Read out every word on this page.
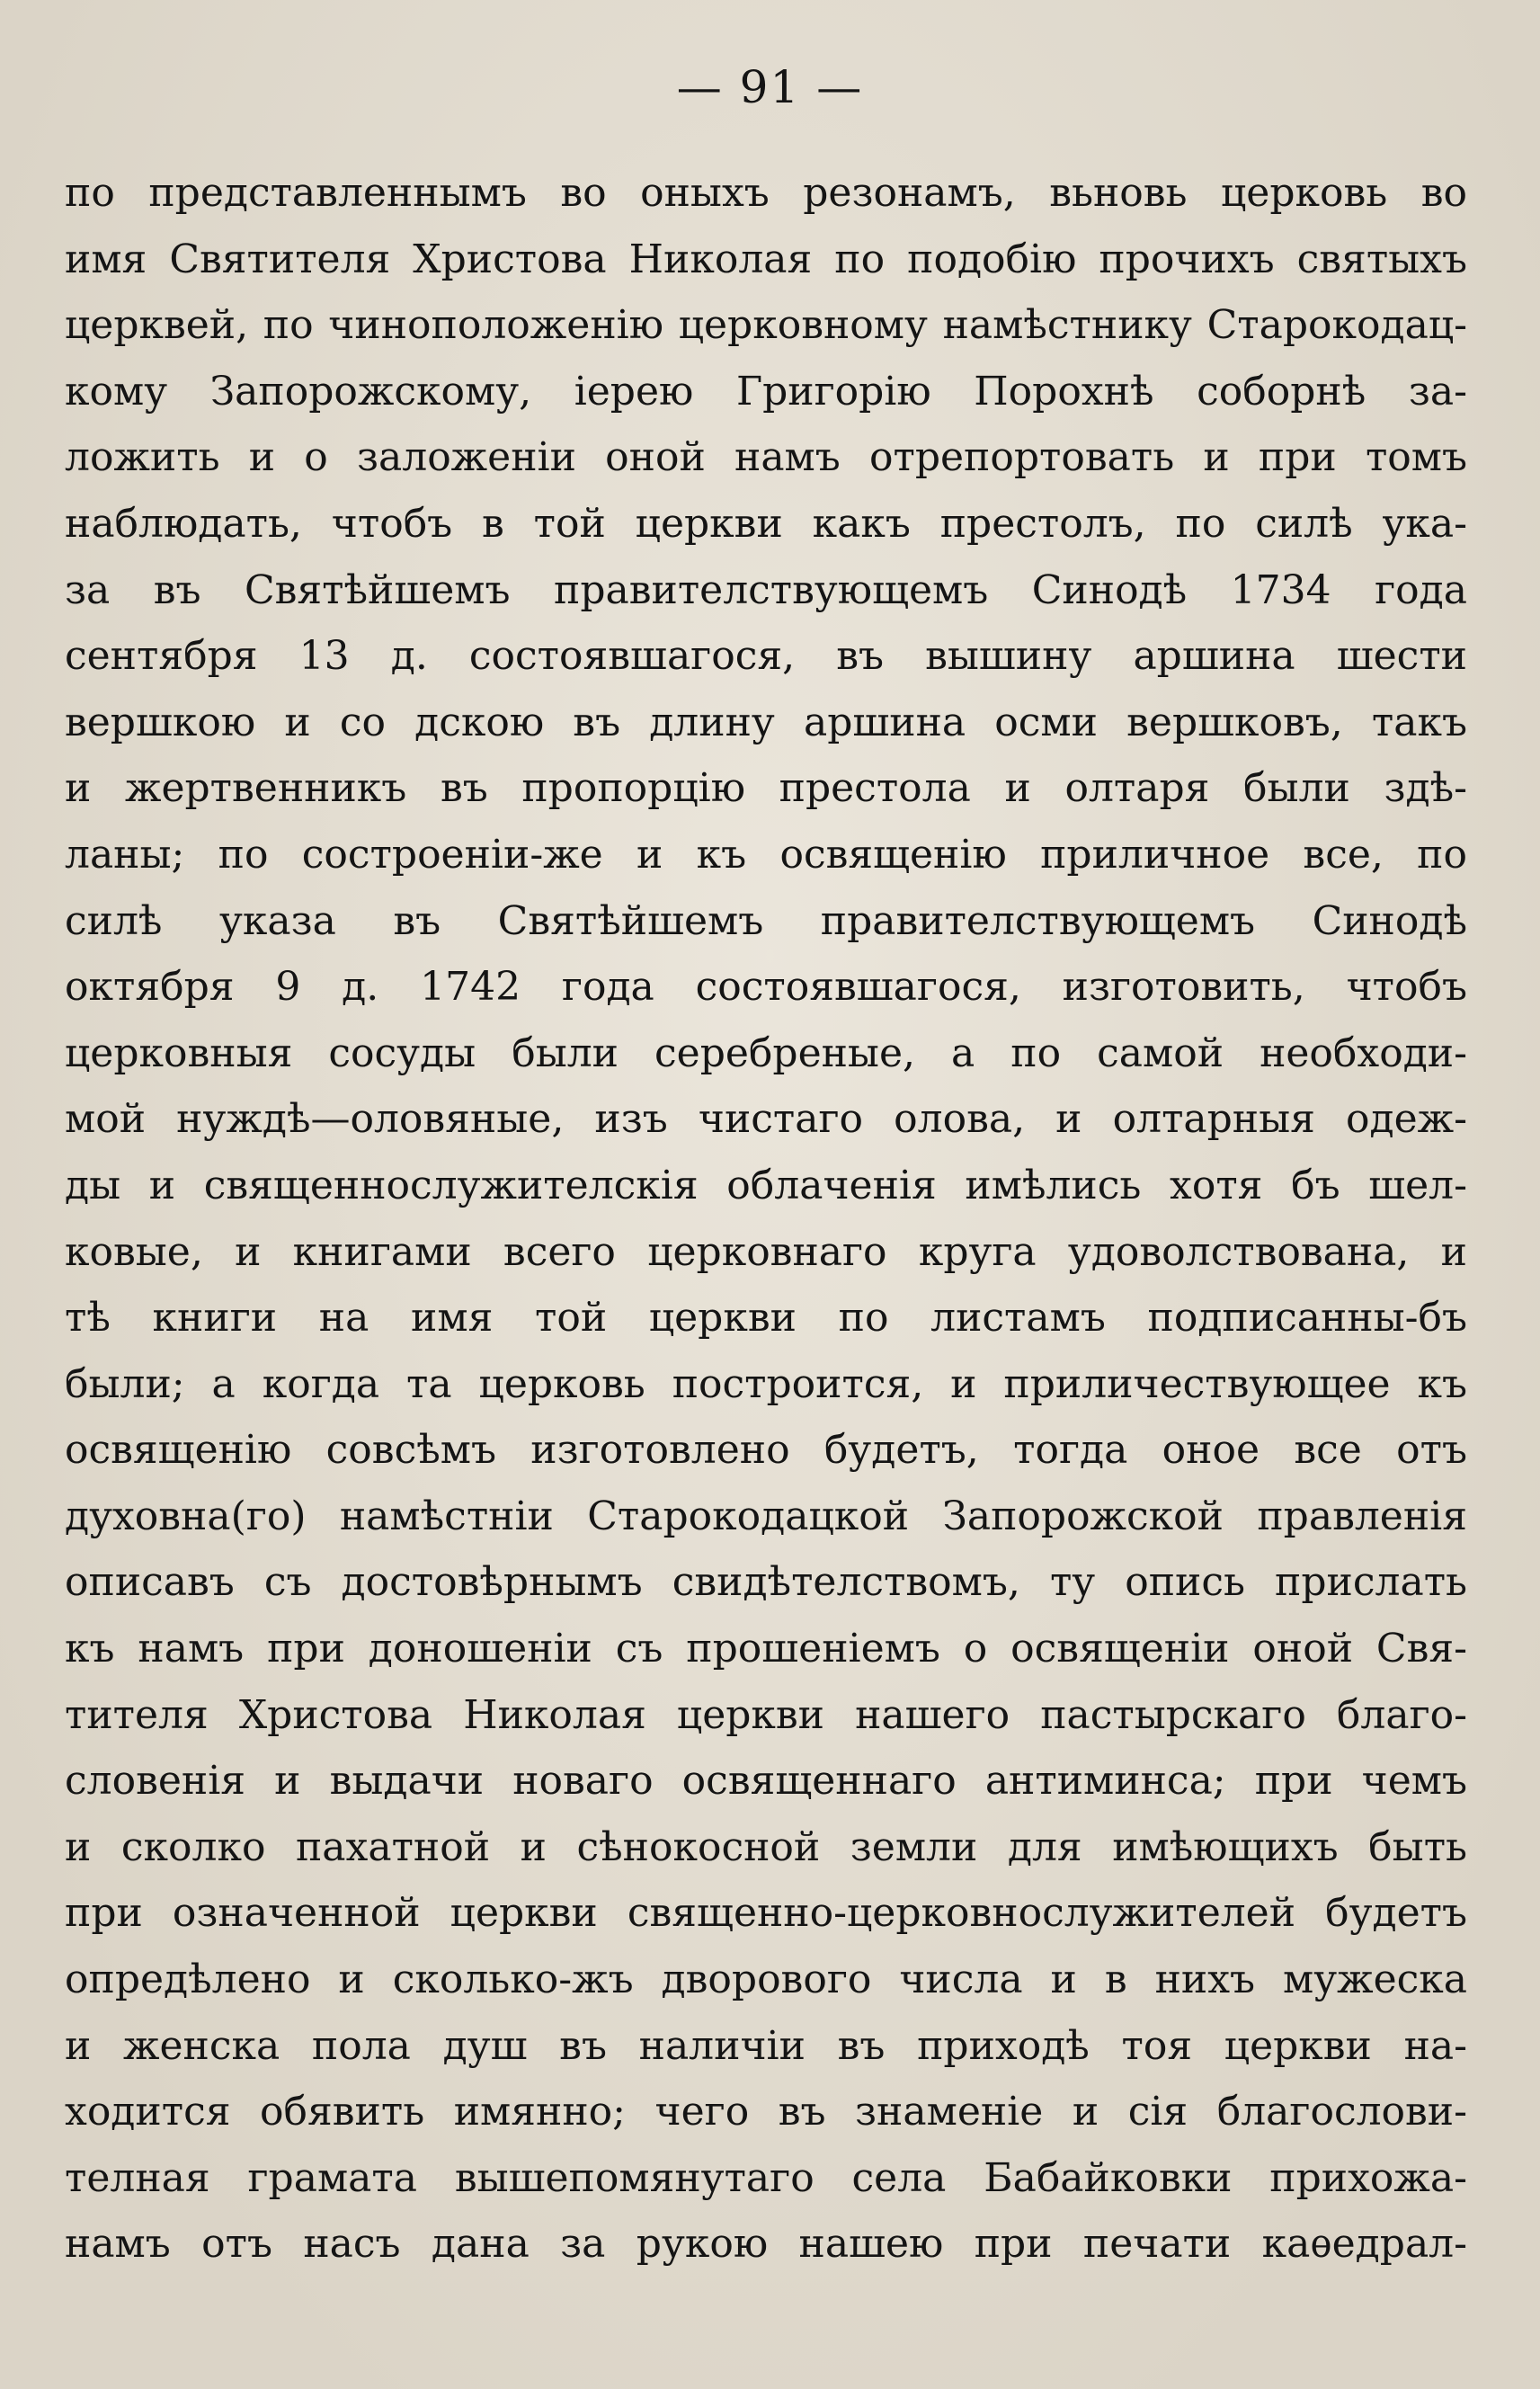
— 91 —
по представленнымъ во оныхъ резонамъ, вьновь церковь во
имя Святителя Христова Николая по подобію прочихъ святыхъ
церквей, по чиноположенію церковному намѣстнику Старокодац-
кому Запорожскому, іерею Григорію Порохнѣ соборнѣ за-
ложить и о заложеніи оной намъ отрепортовать и при томъ
наблюдать, чтобъ в той церкви какъ престолъ, по силѣ ука-
за въ Святѣйшемъ правителствующемъ Синодѣ 1734 года
сентября 13 д. состоявшагося, въ вышину аршина шести
вершкою и со дскою въ длину аршина осми вершковъ, такъ
и жертвенникъ въ пропорцію престола и олтаря были здѣ-
ланы; по состроеніи-же и къ освященію приличное все, по
силѣ указа въ Святѣйшемъ правителствующемъ Синодѣ
октября 9 д. 1742 года состоявшагося, изготовить, чтобъ
церковныя сосуды были серебреные, а по самой необходи-
мой нуждѣ—оловяные, изъ чистаго олова, и олтарныя одеж-
ды и священнослужителскія облаченія имѣлись хотя бъ шел-
ковые, и книгами всего церковнаго круга удоволствована, и
тѣ книги на имя той церкви по листамъ подписанны-бъ
были; а когда та церковь построится, и приличествующее къ
освященію совсѣмъ изготовлено будетъ, тогда оное все отъ
духовна(го) намѣстніи Старокодацкой Запорожской правленія
описавъ съ достовѣрнымъ свидѣтелствомъ, ту опись прислать
къ намъ при доношеніи съ прошеніемъ о освященіи оной Свя-
тителя Христова Николая церкви нашего пастырскаго благо-
словенія и выдачи новаго освященнаго антиминса; при чемъ
и сколко пахатной и сѣнокосной земли для имѣющихъ быть
при означенной церкви священно-церковнослужителей будетъ
опредѣлено и сколько-жъ дворового числа и в нихъ мужеска
и женска пола душ въ наличіи въ приходѣ тоя церкви на-
ходится обявить имянно; чего въ знаменіе и сія благослови-
телная грамата вышепомянутаго села Бабайковки прихожа-
намъ отъ насъ дана за рукою нашею при печати каѳедрал-
